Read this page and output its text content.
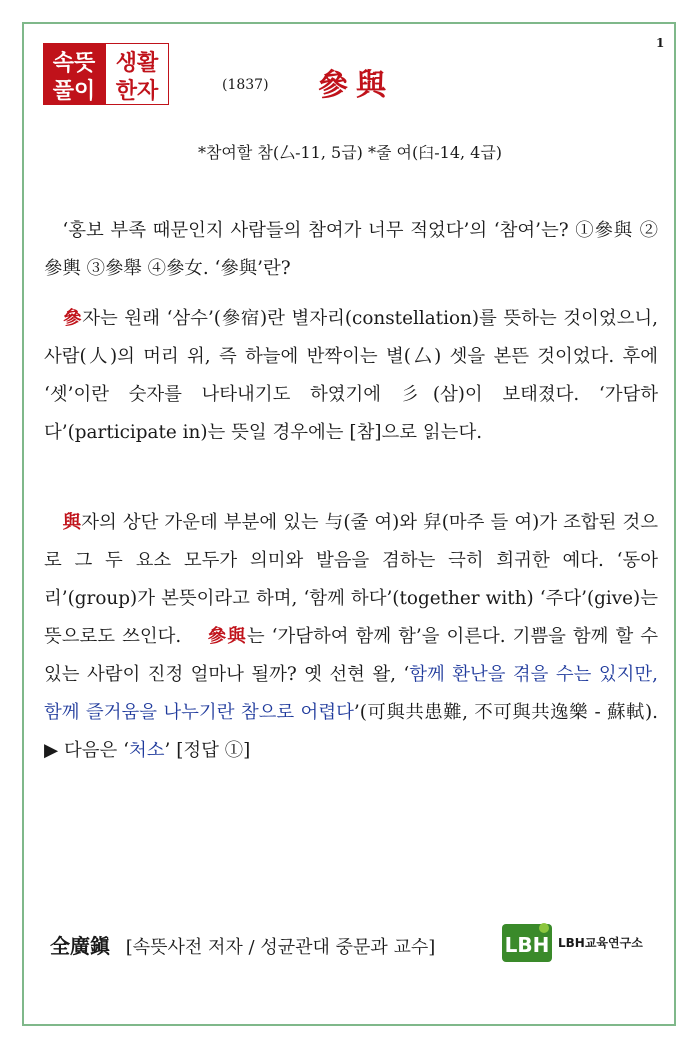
1
속뜻
풀이
생활
한자	(1837) 參與
*참여할 참(厶-11, 5급) *줄 여(臼-14, 4급)

 ‘홍보 부족 때문인지 사람들의 참여가 너무 적었다’의 ‘참여’는? ①參與 ②參輿 ③參舉 ④參女. ‘參與’란?

 參자는 원래 ‘삼수’(參宿)란 별자리(constellation)를 뜻하는 것이었으니, 사람(人)의 머리 위, 즉 하늘에 반짝이는 별(厶) 셋을 본뜬 것이었다. 후에 ‘셋’이란 숫자를 나타내기도 하였기에 彡(삼)이 보태졌다. ‘가담하다’(participate in)는 뜻일 경우에는 [참]으로 읽는다.

 與자의 상단 가운데 부분에 있는 与(줄 여)와 舁(마주 들 여)가 조합된 것으로 그 두 요소 모두가 의미와 발음을 겸하는 극히 희귀한 예다. ‘동아리’(group)가 본뜻이라고 하며, ‘함께 하다’(together with) ‘주다’(give)는 뜻으로도 쓰인다.  參與는 ‘가담하여 함께 함’을 이른다. 기쁨을 함께 할 수 있는 사람이 진정 얼마나 될까? 옛 선현 왈, ‘함께 환난을 겪을 수는 있지만, 함께 즐거움을 나누기란 참으로 어렵다’(可與共患難, 不可與共逸樂 - 蘇軾). ▶ 다음은 ‘처소’ [정답 ①]

全廣鎭 [속뜻사전 저자 / 성균관대 중문과 교수]	LBH LBH교육연구소
